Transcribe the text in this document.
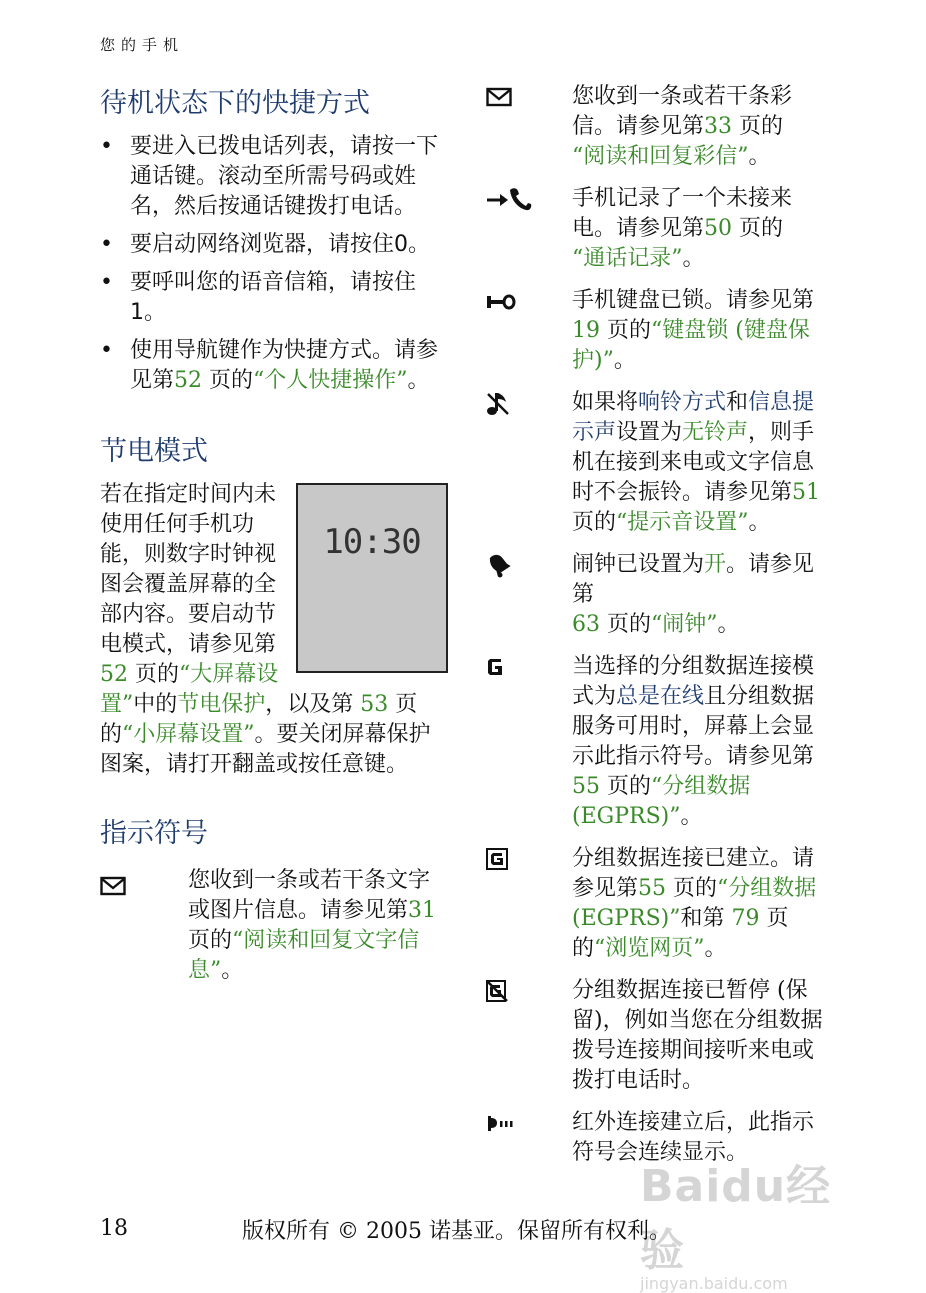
您的手机
待机状态下的快捷方式
• 要进入已拨电话列表，请按一下通话键。滚动至所需号码或姓名，然后按通话键拨打电话。
• 要启动网络浏览器，请按住0。
• 要呼叫您的语音信箱，请按住1。
• 使用导航键作为快捷方式。请参见第52 页的“个人快捷操作”。
节电模式
10:30
若在指定时间内未使用任何手机功能，则数字时钟视图会覆盖屏幕的全部内容。要启动节电模式，请参见第
52 页的“大屏幕设置”中的节电保护，以及第 53 页的“小屏幕设置”。要关闭屏幕保护图案，请打开翻盖或按任意键。
指示符号
您收到一条或若干条文字或图片信息。请参见第31 页的“阅读和回复文字信息”。
您收到一条或若干条彩信。请参见第33 页的
“阅读和回复彩信”。
手机记录了一个未接来电。请参见第50 页的
“通话记录”。
手机键盘已锁。请参见第
19 页的“键盘锁 (键盘保护)”。
如果将响铃方式和信息提示声设置为无铃声，则手机在接到来电或文字信息时不会振铃。请参见第51 页的“提示音设置”。
闹钟已设置为开。请参见第
63 页的“闹钟”。
当选择的分组数据连接模式为总是在线且分组数据服务可用时，屏幕上会显示此指示符号。请参见第55 页的“分组数据 (EGPRS)”。
分组数据连接已建立。请参见第55 页的“分组数据 (EGPRS)”和第 79 页的“浏览网页”。
分组数据连接已暂停 (保留)，例如当您在分组数据拨号连接期间接听来电或拨打电话时。
红外连接建立后，此指示符号会连续显示。
Baidu经验
jingyan.baidu.com
18	版权所有 © 2005 诺基亚。保留所有权利。
